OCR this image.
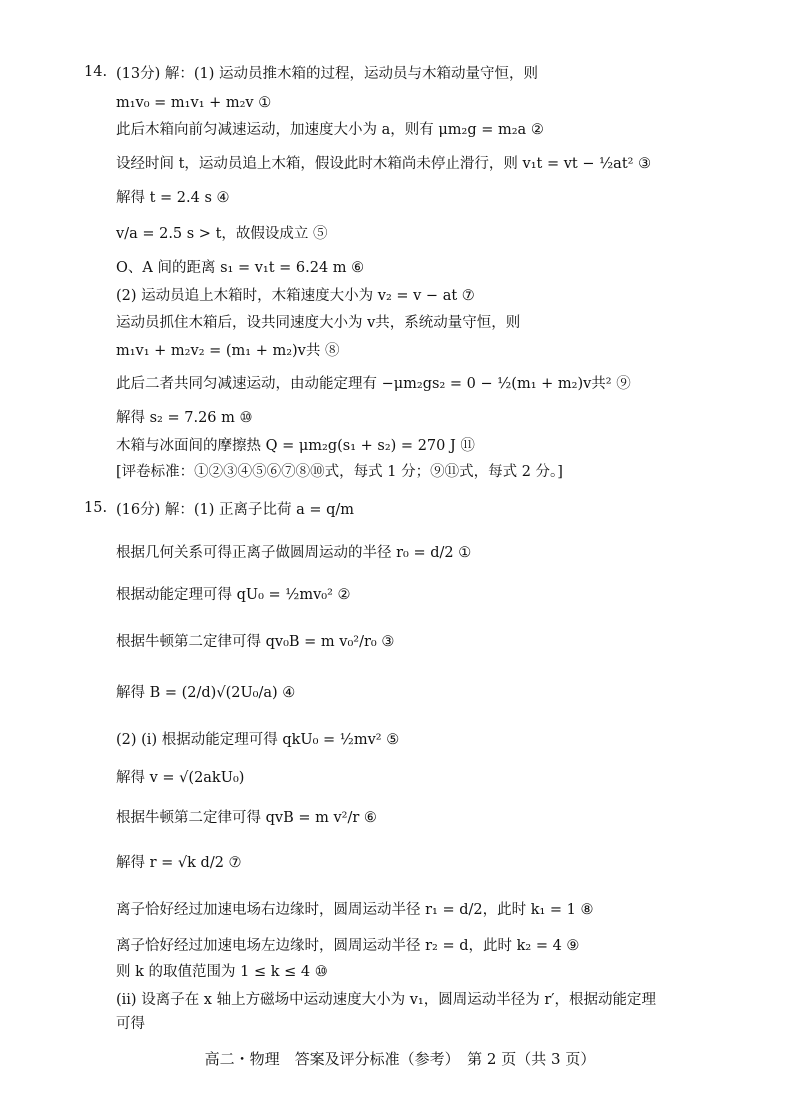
14. (13分) 解：(1) 运动员推木箱的过程，运动员与木箱动量守恒，则
m₁v₀ = m₁v₁ + m₂v ①
此后木箱向前匀减速运动，加速度大小为 a，则有 μm₂g = m₂a ②
设经时间 t，运动员追上木箱，假设此时木箱尚未停止滑行，则 v₁t = vt − ½at² ③
解得 t = 2.4 s ④
v/a = 2.5 s > t，故假设成立 ⑤
O、A 间的距离 s₁ = v₁t = 6.24 m ⑥
(2) 运动员追上木箱时，木箱速度大小为 v₂ = v − at ⑦
运动员抓住木箱后，设共同速度大小为 v共，系统动量守恒，则
m₁v₁ + m₂v₂ = (m₁ + m₂)v共 ⑧
此后二者共同匀减速运动，由动能定理有 −μm₂gs₂ = 0 − ½(m₁ + m₂)v共² ⑨
解得 s₂ = 7.26 m ⑩
木箱与冰面间的摩擦热 Q = μm₂g(s₁ + s₂) = 270 J ⑪
[评卷标准：①②③④⑤⑥⑦⑧⑩式，每式 1 分；⑨⑪式，每式 2 分。]
15. (16分) 解：(1) 正离子比荷 a = q/m
根据几何关系可得正离子做圆周运动的半径 r₀ = d/2 ①
根据动能定理可得 qU₀ = ½mv₀² ②
根据牛顿第二定律可得 qv₀B = m v₀²/r₀ ③
解得 B = (2/d)√(2U₀/a) ④
(2) (ⅰ) 根据动能定理可得 qkU₀ = ½mv² ⑤
解得 v = √(2akU₀)
根据牛顿第二定律可得 qvB = m v²/r ⑥
解得 r = √k d/2 ⑦
离子恰好经过加速电场右边缘时，圆周运动半径 r₁ = d/2，此时 k₁ = 1 ⑧
离子恰好经过加速电场左边缘时，圆周运动半径 r₂ = d，此时 k₂ = 4 ⑨
则 k 的取值范围为 1 ≤ k ≤ 4 ⑩
(ⅱ) 设离子在 x 轴上方磁场中运动速度大小为 v₁，圆周运动半径为 r′，根据动能定理
可得
高二・物理　答案及评分标准（参考）　第 2 页（共 3 页）
